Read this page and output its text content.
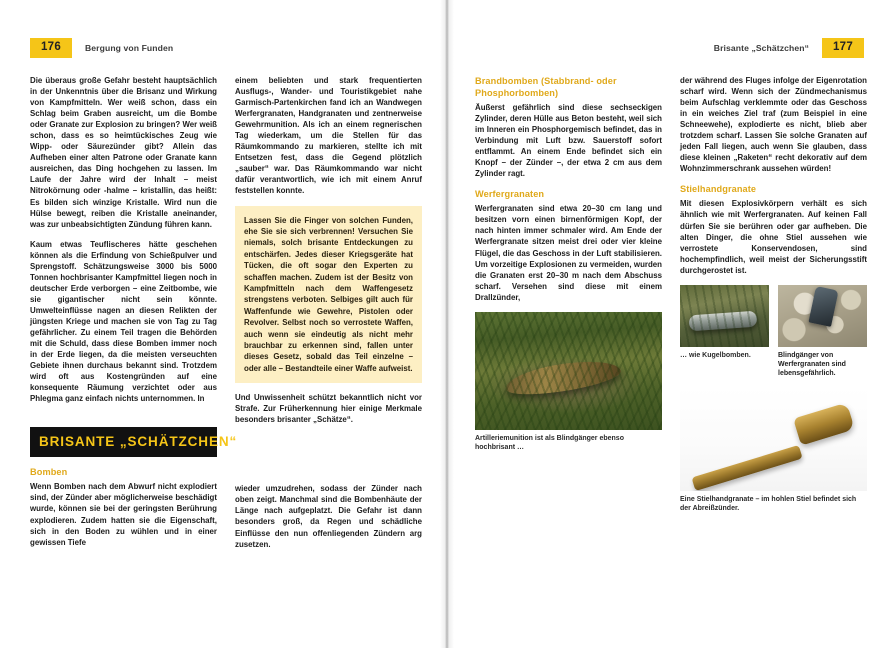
176	Bergung von Funden

Die überaus große Gefahr besteht hauptsächlich in der Unkenntnis über die Brisanz und Wirkung von Kampfmitteln. Wer weiß schon, dass ein Schlag beim Graben ausreicht, um die Bombe oder Granate zur Explosion zu bringen? Wer weiß schon, dass es so heimtückisches Zeug wie Wipp- oder Säurezünder gibt? Allein das Aufheben einer alten Patrone oder Granate kann ausreichen, das Ding hochgehen zu lassen. Im Laufe der Jahre wird der Inhalt – meist Nitrokörnung oder -halme – kristallin, das heißt: Es bilden sich winzige Kristalle. Wird nun die Hülse bewegt, reiben die Kristalle aneinander, was zur unbeabsichtigten Zündung führen kann.

Kaum etwas Teuflischeres hätte geschehen können als die Erfindung von Schießpulver und Sprengstoff. Schätzungsweise 3000 bis 5000 Tonnen hochbrisanter Kampfmittel liegen noch in deutscher Erde verborgen – eine Zeitbombe, wie sie gigantischer nicht sein könnte. Umwelteinflüsse nagen an diesen Relikten der jüngsten Kriege und machen sie von Tag zu Tag gefährlicher. Zu einem Teil tragen die Behörden mit die Schuld, dass diese Bomben immer noch in der Erde liegen, da die meisten verseuchten Gebiete ihnen durchaus bekannt sind. Trotzdem wird oft aus Kostengründen auf eine konsequente Räumung verzichtet oder aus Phlegma ganz einfach nichts unternommen. In

BRISANTE „SCHÄTZCHEN“
Bomben

Wenn Bomben nach dem Abwurf nicht explodiert sind, der Zünder aber möglicherweise beschädigt wurde, können sie bei der geringsten Berührung explodieren. Zudem hatten sie die Eigenschaft, sich in den Boden zu wühlen und in einer gewissen Tiefe

einem beliebten und stark frequentierten Ausflugs-, Wander- und Touristikgebiet nahe Garmisch-Partenkirchen fand ich an Wandwegen Werfergranaten, Handgranaten und zentnerweise Gewehrmunition. Als ich an einem regnerischen Tag wiederkam, um die Stellen für das Räumkommando zu markieren, stellte ich mit Entsetzen fest, dass die Gegend plötzlich „sauber“ war. Das Räumkommando war nicht dafür verantwortlich, wie ich mit einem Anruf feststellen konnte.

Lassen Sie die Finger von solchen Funden, ehe Sie sie sich verbrennen! Versuchen Sie niemals, solch brisante Entdeckungen zu entschärfen. Jedes dieser Kriegsgeräte hat Tücken, die oft sogar den Experten zu schaffen machen. Zudem ist der Besitz von Kampfmitteln nach dem Waffengesetz strengstens verboten. Selbiges gilt auch für Waffenfunde wie Gewehre, Pistolen oder Revolver. Selbst noch so verrostete Waffen, auch wenn sie eindeutig als nicht mehr brauchbar zu erkennen sind, fallen unter dieses Gesetz, sobald das Teil einzelne – oder alle – Bestandteile einer Waffe aufweist.

Und Unwissenheit schützt bekanntlich nicht vor Strafe. Zur Früherkennung hier einige Merkmale besonders brisanter „Schätze“.

wieder umzudrehen, sodass der Zünder nach oben zeigt. Manchmal sind die Bombenhäute der Länge nach aufgeplatzt. Die Gefahr ist dann besonders groß, da Regen und schädliche Einflüsse den nun offenliegenden Zündern arg zusetzen.

Brisante „Schätzchen“	177
Brandbomben (Stabbrand- oder Phosphorbomben)

Äußerst gefährlich sind diese sechseckigen Zylinder, deren Hülle aus Beton besteht, weil sich im Inneren ein Phosphorgemisch befindet, das in Verbindung mit Luft bzw. Sauerstoff sofort entflammt. An einem Ende befindet sich ein Knopf – der Zünder –, der etwa 2 cm aus dem Zylinder ragt.

Werfergranaten

Werfergranaten sind etwa 20–30 cm lang und besitzen vorn einen birnenförmigen Kopf, der nach hinten immer schmaler wird. Am Ende der Werfergranate sitzen meist drei oder vier kleine Flügel, die das Geschoss in der Luft stabilisieren. Um vorzeitige Explosionen zu vermeiden, wurden die Granaten erst 20–30 m nach dem Abschuss scharf. Versehen sind diese mit einem Drallzünder,

Artilleriemunition ist als Blindgänger ebenso hochbrisant …

der während des Fluges infolge der Eigenrotation scharf wird. Wenn sich der Zündmechanismus beim Aufschlag verklemmte oder das Geschoss in ein weiches Ziel traf (zum Beispiel in eine Schneewehe), explodierte es nicht, blieb aber trotzdem scharf. Lassen Sie solche Granaten auf jeden Fall liegen, auch wenn Sie glauben, dass diese kleinen „Raketen“ recht dekorativ auf dem Wohnzimmerschrank aussehen würden!

Stielhandgranate

Mit diesen Explosivkörpern verhält es sich ähnlich wie mit Werfergranaten. Auf keinen Fall dürfen Sie sie berühren oder gar aufheben. Die alten Dinger, die ohne Stiel aussehen wie verrostete Konservendosen, sind hochempfindlich, weil meist der Sicherungsstift durchgerostet ist.

… wie Kugelbomben.	Blindgänger von Werfergranaten sind lebensgefährlich.

Eine Stielhandgranate – im hohlen Stiel befindet sich der Abreißzünder.
